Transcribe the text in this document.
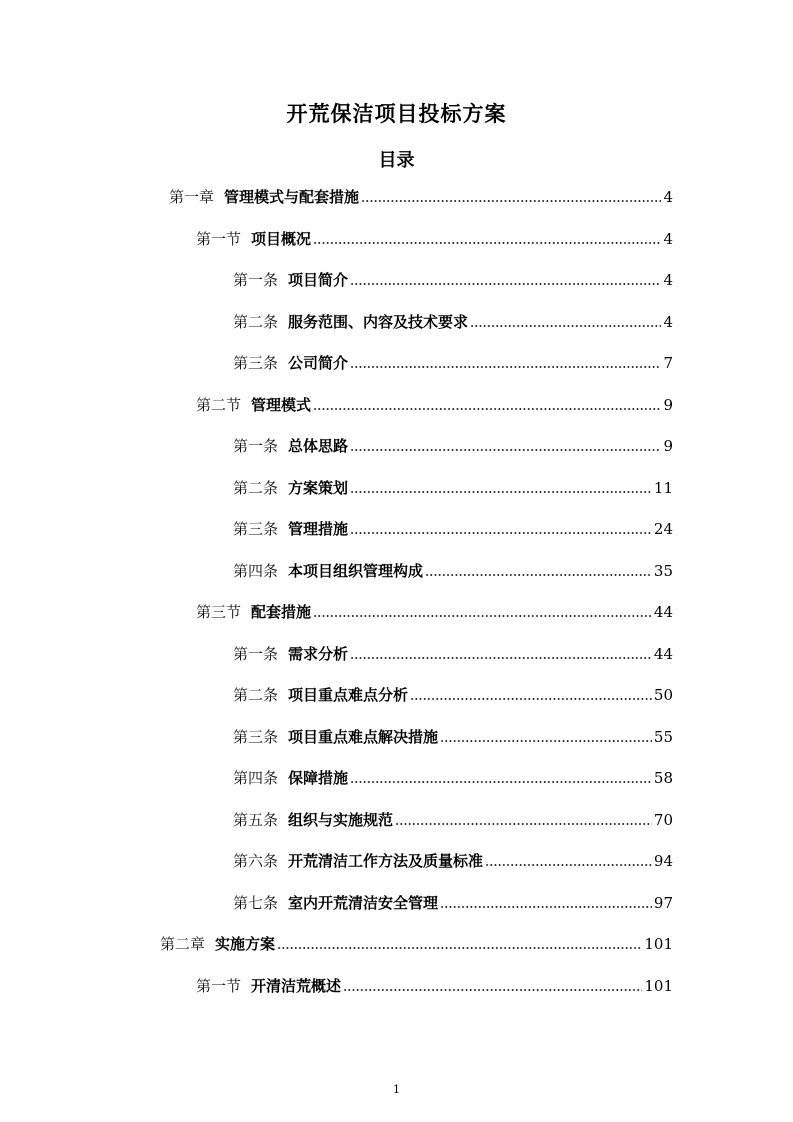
开荒保洁项目投标方案
目录
第一章 管理模式与配套措施	4
第一节 项目概况	4
第一条 项目简介	4
第二条 服务范围、内容及技术要求	4
第三条 公司简介	7
第二节 管理模式	9
第一条 总体思路	9
第二条 方案策划	11
第三条 管理措施	24
第四条 本项目组织管理构成	35
第三节 配套措施	44
第一条 需求分析	44
第二条 项目重点难点分析	50
第三条 项目重点难点解决措施	55
第四条 保障措施	58
第五条 组织与实施规范	70
第六条 开荒清洁工作方法及质量标准	94
第七条 室内开荒清洁安全管理	97
第二章 实施方案	101
第一节 开清洁荒概述	101
1
